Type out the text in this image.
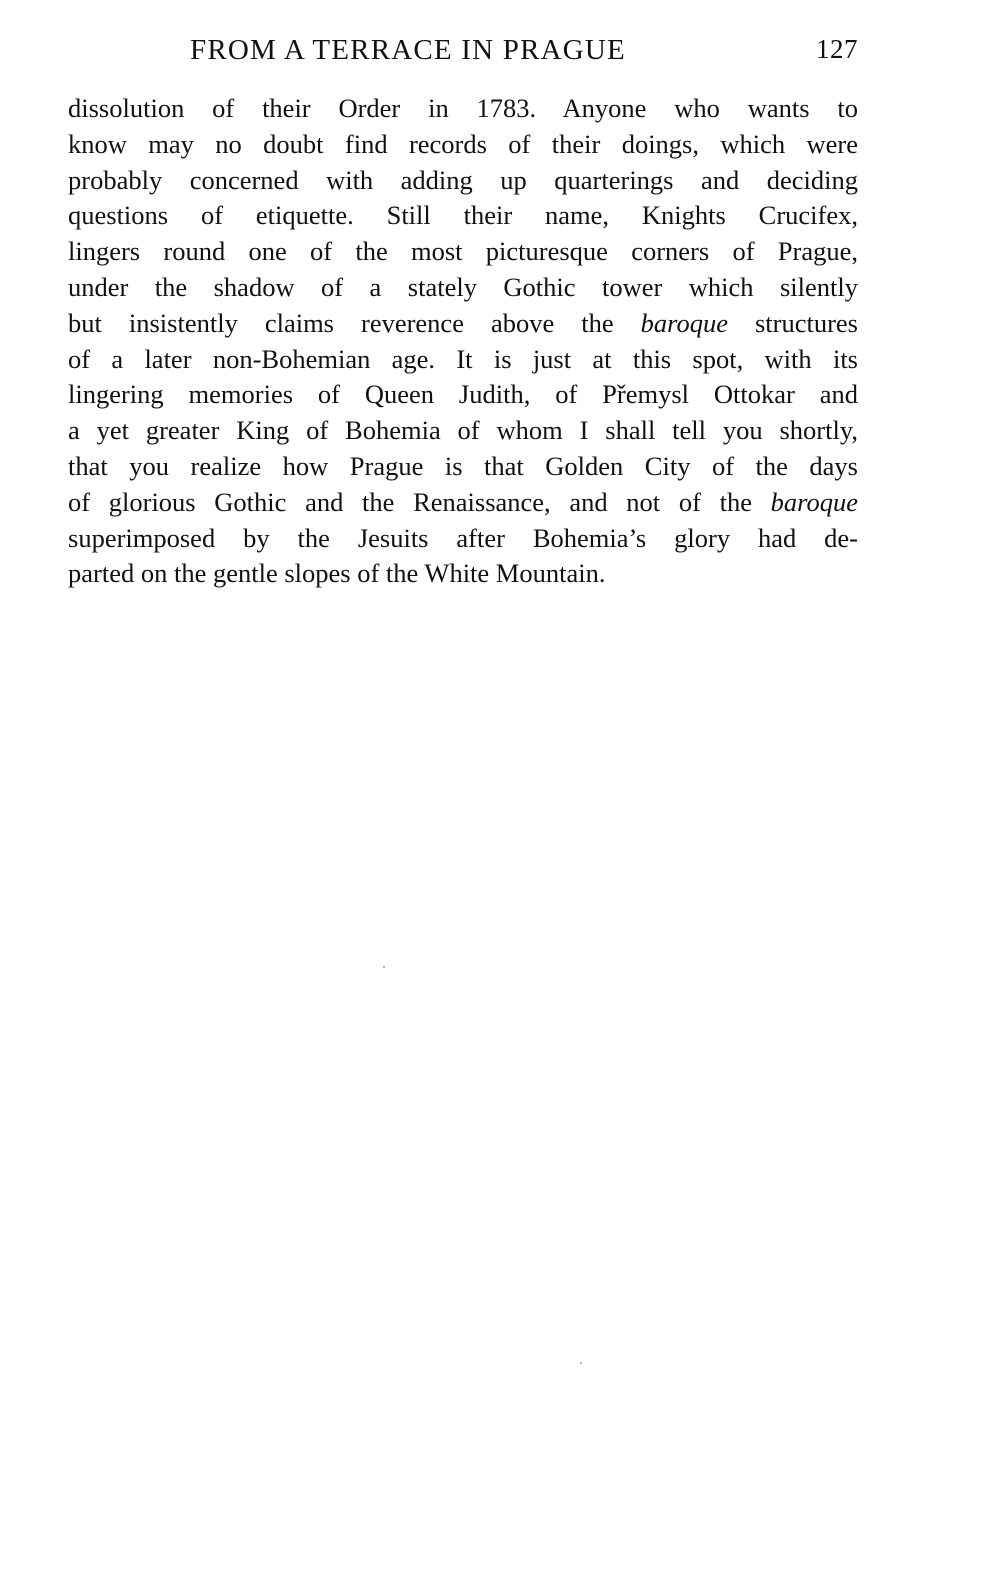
FROM A TERRACE IN PRAGUE	127
dissolution of their Order in 1783. Anyone who wants to
know may no doubt find records of their doings, which were
probably concerned with adding up quarterings and deciding
questions of etiquette. Still their name, Knights Crucifex,
lingers round one of the most picturesque corners of Prague,
under the shadow of a stately Gothic tower which silently
but insistently claims reverence above the baroque structures
of a later non-Bohemian age. It is just at this spot, with its
lingering memories of Queen Judith, of Přemysl Ottokar and
a yet greater King of Bohemia of whom I shall tell you shortly,
that you realize how Prague is that Golden City of the days
of glorious Gothic and the Renaissance, and not of the baroque
superimposed by the Jesuits after Bohemia’s glory had de-
parted on the gentle slopes of the White Mountain.
